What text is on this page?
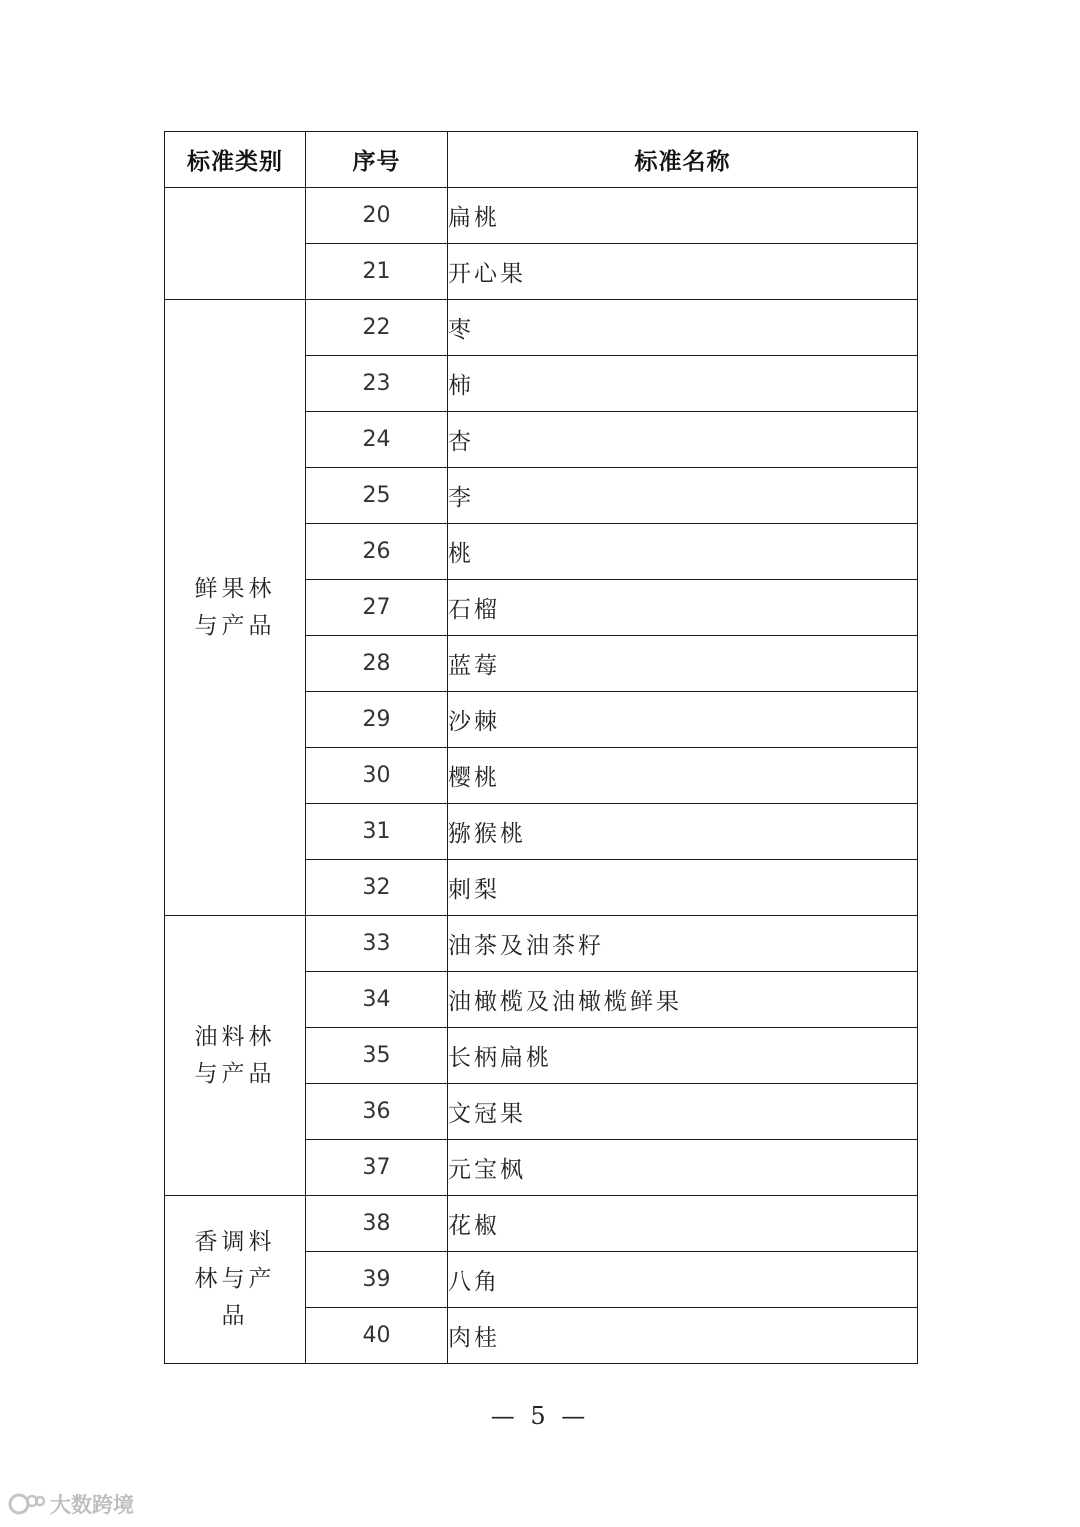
标准类别	序号	标准名称
	20	扁桃
	21	开心果
鲜果林与产品	22	枣
	23	柿
	24	杏
	25	李
	26	桃
	27	石榴
	28	蓝莓
	29	沙棘
	30	樱桃
	31	猕猴桃
	32	刺梨
油料林与产品	33	油茶及油茶籽
	34	油橄榄及油橄榄鲜果
	35	长柄扁桃
	36	文冠果
	37	元宝枫
香调料林与产品	38	花椒
	39	八角
	40	肉桂
— 5 —
大数跨境
